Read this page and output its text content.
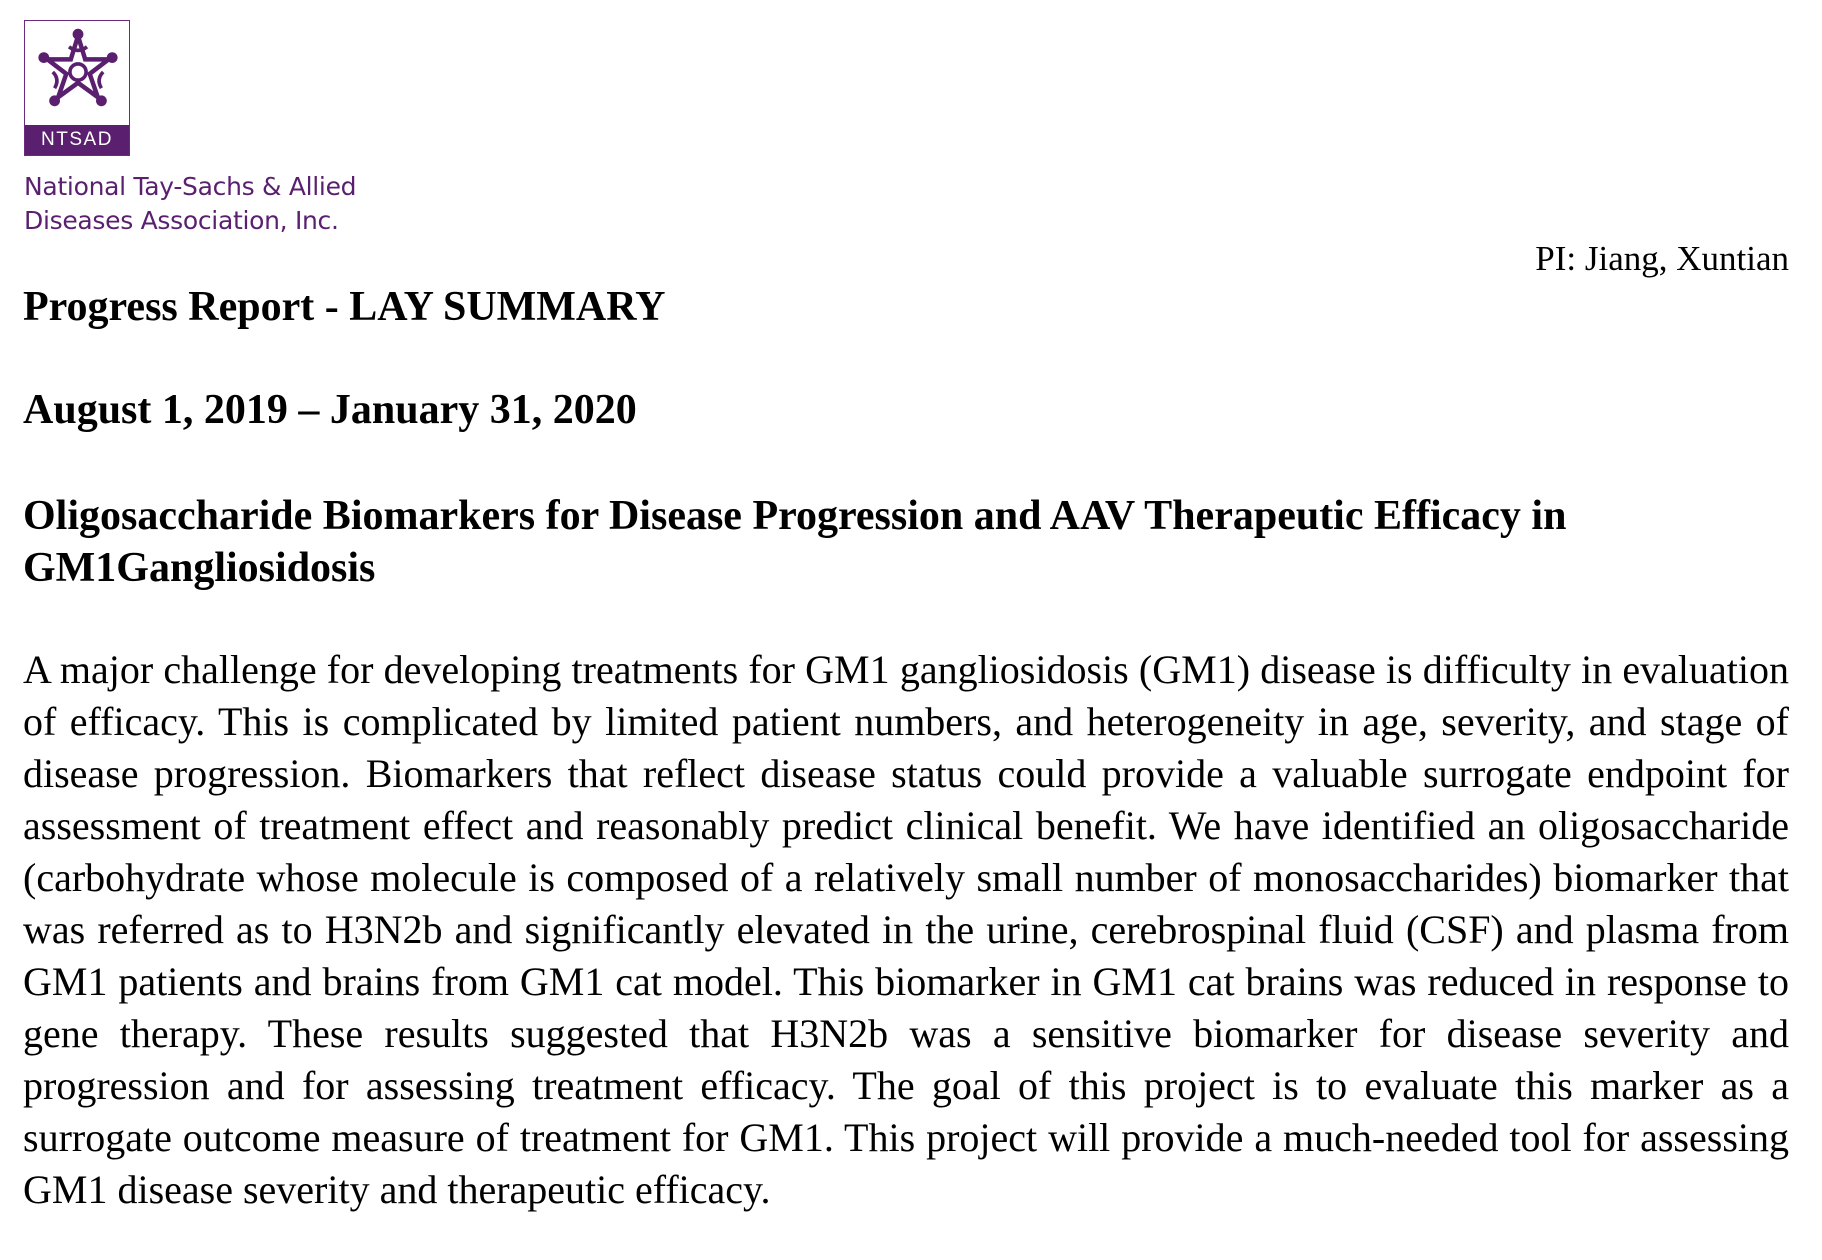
NTSAD
National Tay-Sachs & Allied
Diseases Association, Inc.
PI: Jiang, Xuntian
Progress Report - LAY SUMMARY
August 1, 2019 – January 31, 2020
Oligosaccharide Biomarkers for Disease Progression and AAV Therapeutic Efficacy in GM1Gangliosidosis

A major challenge for developing treatments for GM1 gangliosidosis (GM1) disease is difficulty in evaluation of efficacy. This is complicated by limited patient numbers, and heterogeneity in age, severity, and stage of disease progression. Biomarkers that reflect disease status could provide a valuable surrogate endpoint for assessment of treatment effect and reasonably predict clinical benefit. We have identified an oligosaccharide (carbohydrate whose molecule is composed of a relatively small number of monosaccharides) biomarker that was referred as to H3N2b and significantly elevated in the urine, cerebrospinal fluid (CSF) and plasma from GM1 patients and brains from GM1 cat model. This biomarker in GM1 cat brains was reduced in response to gene therapy. These results suggested that H3N2b was a sensitive biomarker for disease severity and progression and for assessing treatment efficacy. The goal of this project is to evaluate this marker as a surrogate outcome measure of treatment for GM1. This project will provide a much-needed tool for assessing GM1 disease severity and therapeutic efficacy.
